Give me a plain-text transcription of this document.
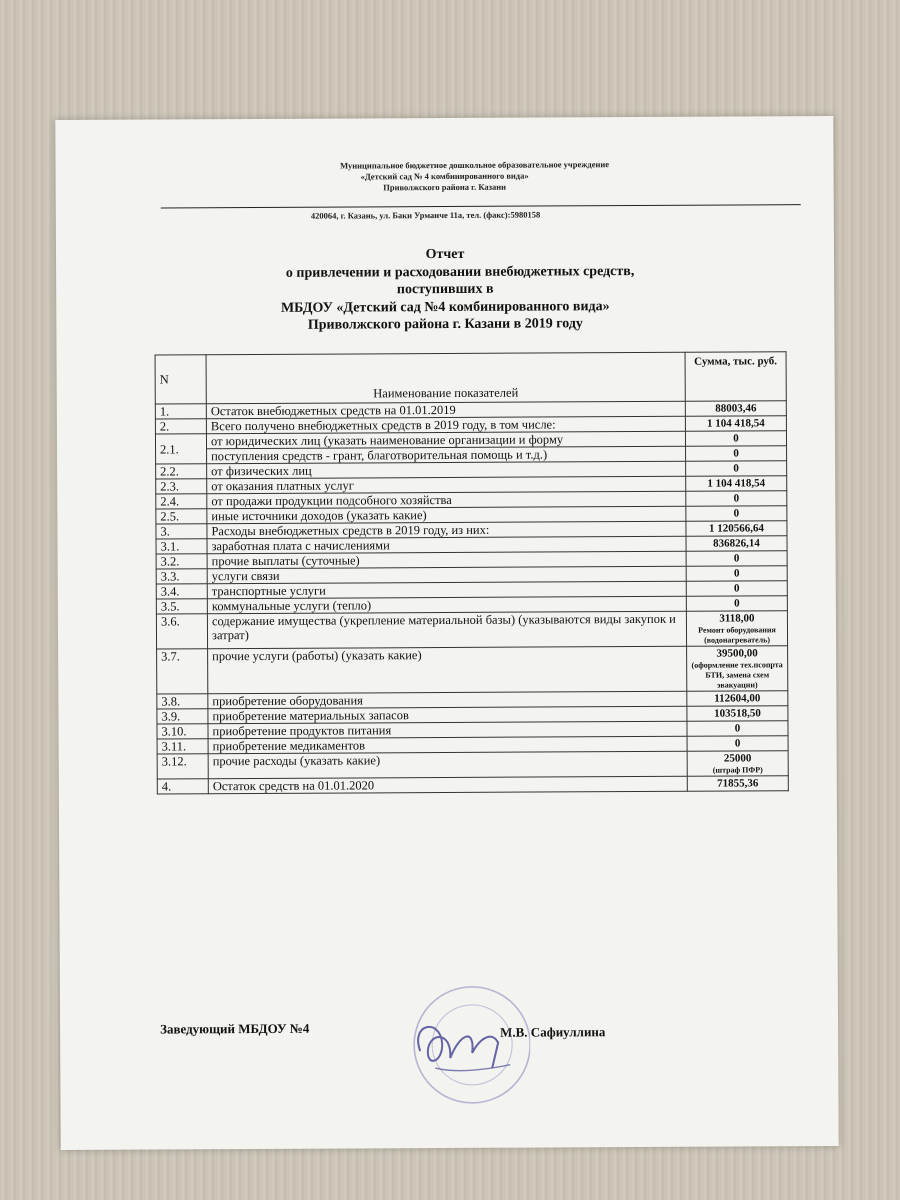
Муниципальное бюджетное дошкольное образовательное учреждение
«Детский сад № 4 комбинированного вида»
Приволжского района г. Казани
420064, г. Казань, ул. Баки Урманче 11а, тел. (факс):5980158
Отчет
о привлечении и расходовании внебюджетных средств,
поступивших в
МБДОУ «Детский сад №4 комбинированного вида»
Приволжского района г. Казани в 2019 году
N	Наименование показателей	Сумма, тыс. руб.
1.	Остаток внебюджетных средств на 01.01.2019	88003,46
2.	Всего получено внебюджетных средств в 2019 году, в том числе:	1 104 418,54
2.1.	от юридических лиц (указать наименование организации и форму	0
	поступления средств - грант, благотворительная помощь и т.д.)	0
2.2.	от физических лиц	0
2.3.	от оказания платных услуг	1 104 418,54
2.4.	от продажи продукции подсобного хозяйства	0
2.5.	иные источники доходов (указать какие)	0
3.	Расходы внебюджетных средств в 2019 году, из них:	1 120566,64
3.1.	заработная плата с начислениями	836826,14
3.2.	прочие выплаты (суточные)	0
3.3.	услуги связи	0
3.4.	транспортные услуги	0
3.5.	коммунальные услуги (тепло)	0
3.6.	содержание имущества (укрепление материальной базы) (указываются виды закупок и затрат)	3118,00
Ремонт оборудования (водонагреватель)

3.7.	прочие услуги (работы) (указать какие)	39500,00
(оформление тех.псопрта БТИ, замена схем эвакуации)

3.8.	приобретение оборудования	112604,00
3.9.	приобретение материальных запасов	103518,50
3.10.	приобретение продуктов питания	0
3.11.	приобретение медикаментов	0
3.12.	прочие расходы (указать какие)	25000
(штраф ПФР)

4.	Остаток средств на 01.01.2020	71855,36
Заведующий МБДОУ №4	М.В. Сафиуллина
